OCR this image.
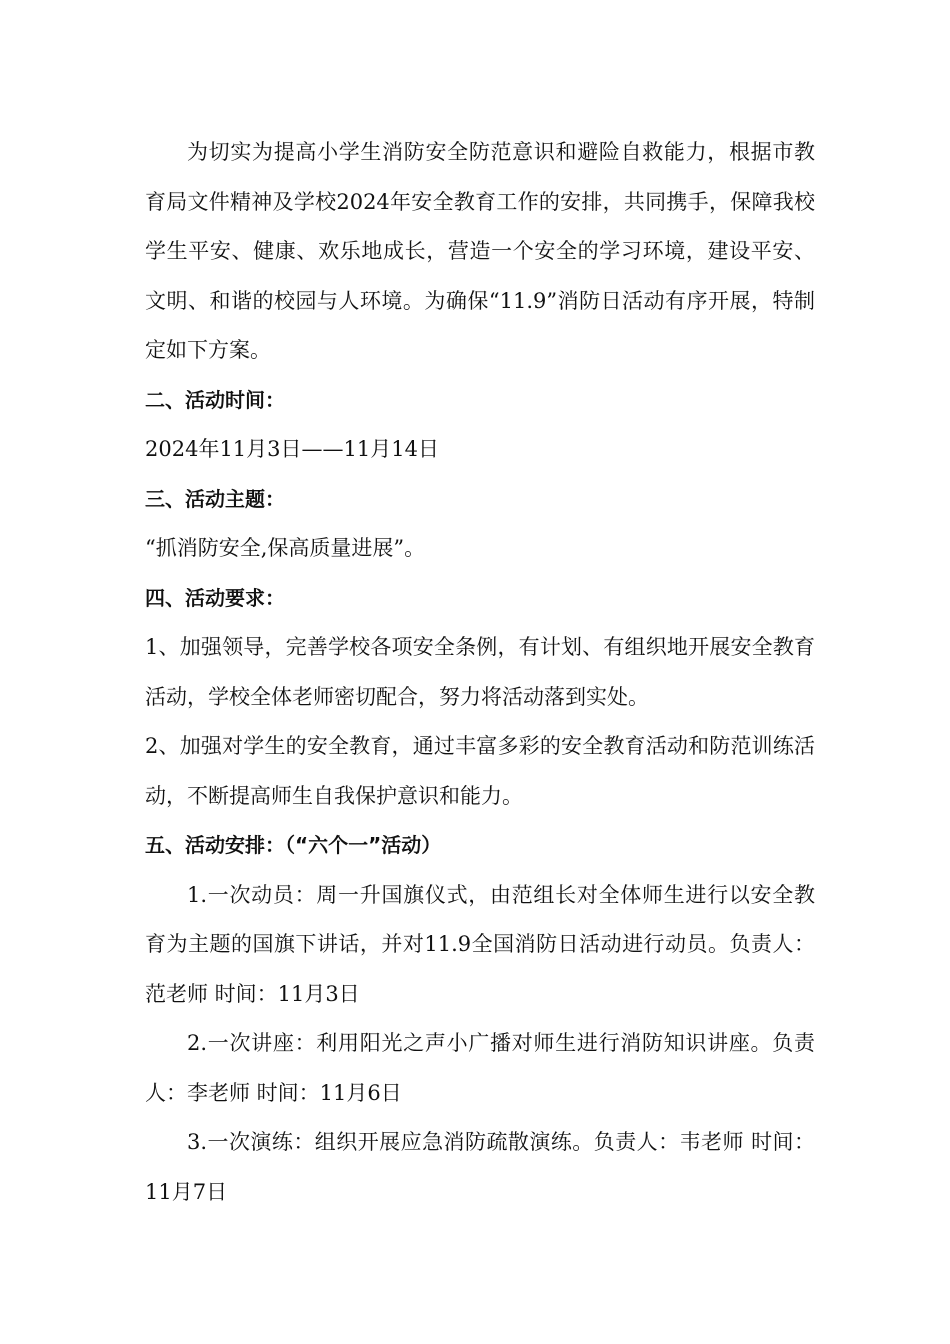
为切实为提高小学生消防安全防范意识和避险自救能力，根据市教育局文件精神及学校2024年安全教育工作的安排，共同携手，保障我校学生平安、健康、欢乐地成长，营造一个安全的学习环境，建设平安、文明、和谐的校园与人环境。为确保“11.9”消防日活动有序开展，特制定如下方案。

二、活动时间：

2024年11月3日——11月14日

三、活动主题：

“抓消防安全,保高质量进展”。

四、活动要求：

1、加强领导，完善学校各项安全条例，有计划、有组织地开展安全教育活动，学校全体老师密切配合，努力将活动落到实处。

2、加强对学生的安全教育，通过丰富多彩的安全教育活动和防范训练活动，不断提高师生自我保护意识和能力。

五、活动安排：（“六个一”活动）

1.一次动员：周一升国旗仪式，由范组长对全体师生进行以安全教育为主题的国旗下讲话，并对11.9全国消防日活动进行动员。负责人：范老师 时间：11月3日

2.一次讲座：利用阳光之声小广播对师生进行消防知识讲座。负责人：李老师 时间：11月6日

3.一次演练：组织开展应急消防疏散演练。负责人：韦老师 时间：11月7日
